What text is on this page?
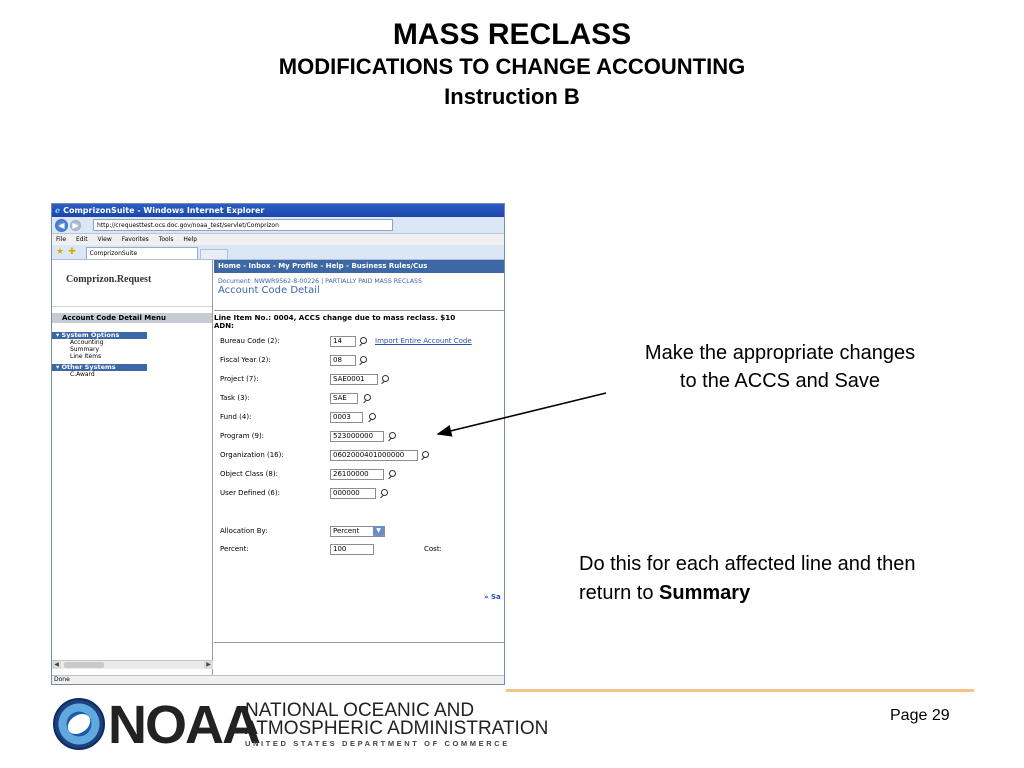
MASS RECLASS
MODIFICATIONS TO CHANGE ACCOUNTING
Instruction B
ℯ ComprizonSuite - Windows Internet Explorer
◀ ▶	http://crequesttest.ocs.doc.gov/noaa_test/servlet/Comprizon
File Edit View Favorites Tools Help
★ ✚	ComprizonSuite
Comprizon.Request
Account Code Detail Menu
▾ System Options
Accounting
Summary
Line Items
▾ Other Systems
C.Award
◀	▶
Home - Inbox - My Profile - Help - Business Rules/Cus
Document: NWWR9562-8-00226 | PARTIALLY PAID MASS RECLASS
Account Code Detail
Line Item No.: 0004, ACCS change due to mass reclass. $10
ADN:
Bureau Code (2):	14	Import Entire Account Code
Fiscal Year (2):	08
Project (7):	SAE0001
Task (3):	SAE
Fund (4):	0003
Program (9):	523000000
Organization (16):	0602000401000000
Object Class (8):	26100000
User Defined (6):	000000
Allocation By:	Percent	▼
Percent:	100	Cost:
» Sa
Done
Make the appropriate changes
to the ACCS and Save
Do this for each affected line and then
return to Summary
NOAA
NATIONAL OCEANIC AND
ATMOSPHERIC ADMINISTRATION
UNITED STATES DEPARTMENT OF COMMERCE
Page 29
